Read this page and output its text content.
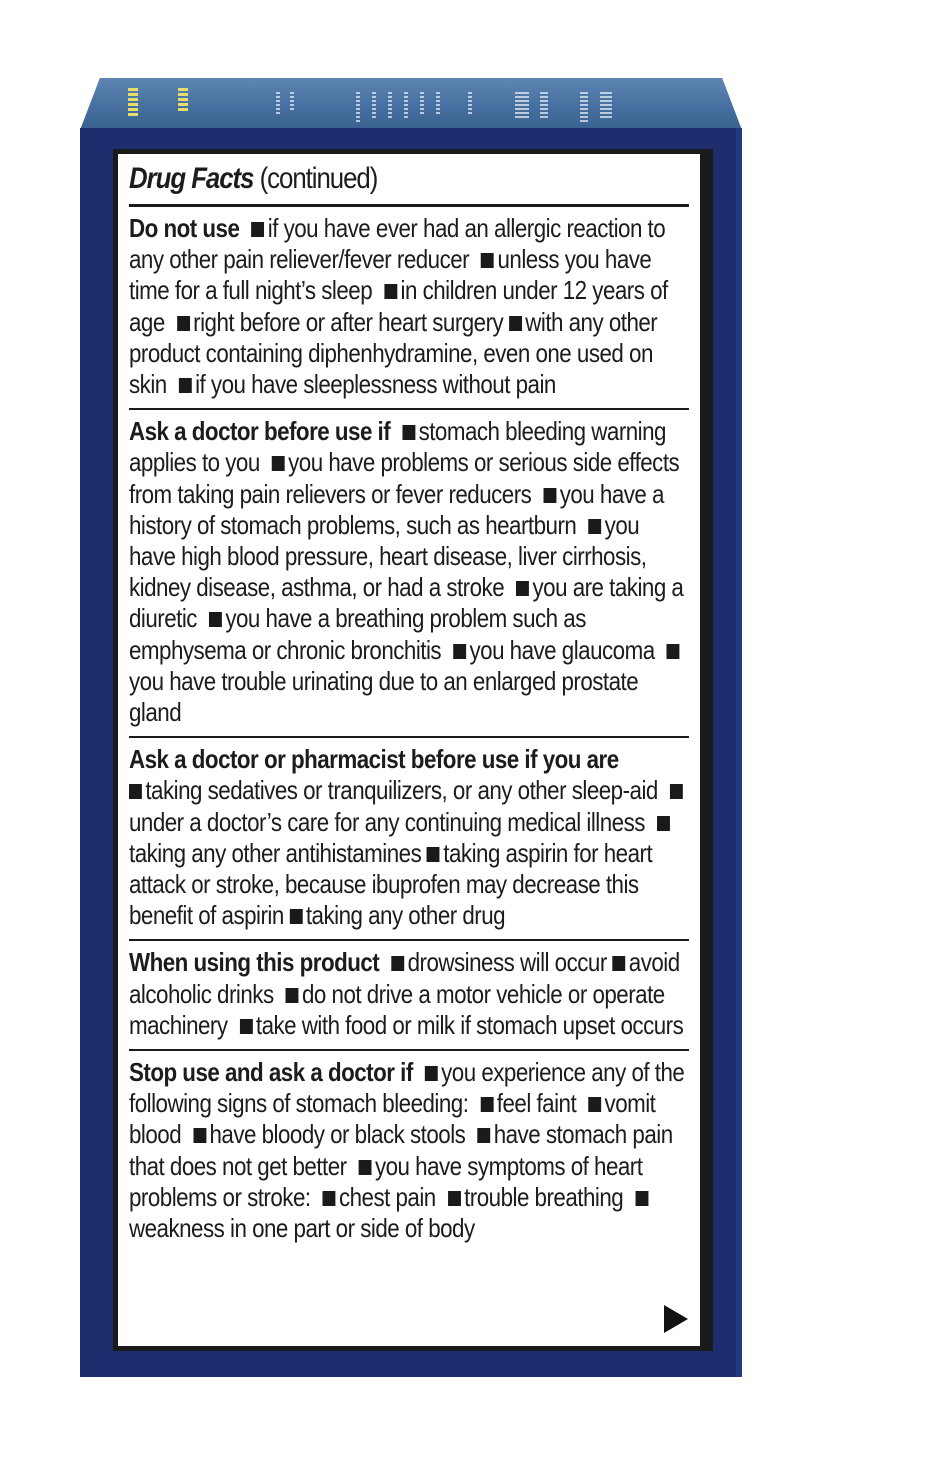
Drug Facts (continued)
Do not use if you have ever had an allergic reaction to any other pain reliever/fever reducer unless you have time for a full night’s sleep in children under 12 years of age right before or after heart surgery with any other product containing diphenhydramine, even one used on skin if you have sleeplessness without pain
Ask a doctor before use if stomach bleeding warning applies to you you have problems or serious side effects from taking pain relievers or fever reducers you have a history of stomach problems, such as heartburn you have high blood pressure, heart disease, liver cirrhosis, kidney disease, asthma, or had a stroke you are taking a diuretic you have a breathing problem such as emphysema or chronic bronchitis you have glaucomayou have trouble urinating due to an enlarged prostate gland
Ask a doctor or pharmacist before use if you are
taking sedatives or tranquilizers, or any other sleep-aidunder a doctor’s care for any continuing medical illnesstaking any other antihistamines taking aspirin for heart attack or stroke, because ibuprofen may decrease this benefit of aspirin taking any other drug
When using this product drowsiness will occur avoid alcoholic drinks do not drive a motor vehicle or operate machinery take with food or milk if stomach upset occurs
Stop use and ask a doctor if you experience any of the following signs of stomach bleeding: feel faint vomit blood have bloody or black stools have stomach pain that does not get better you have symptoms of heart problems or stroke: chest pain trouble breathingweakness in one part or side of body
